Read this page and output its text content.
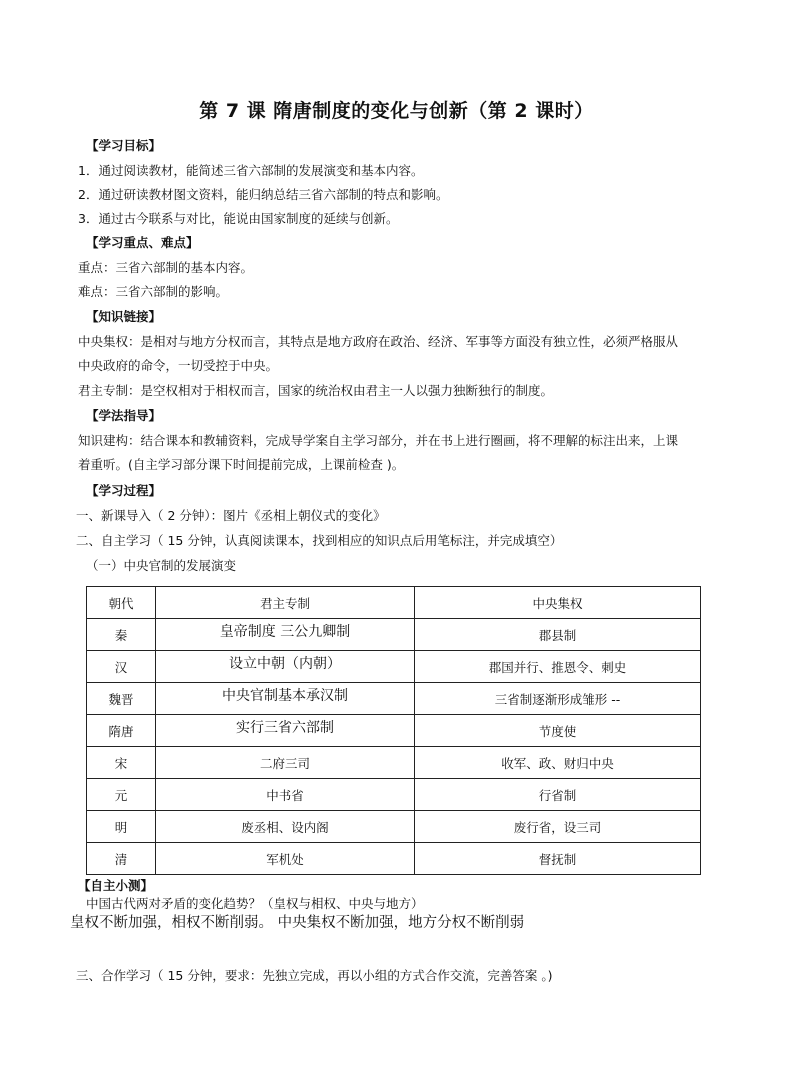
第 7 课 隋唐制度的变化与创新（第 2 课时）
【学习目标】
1．通过阅读教材，能简述三省六部制的发展演变和基本内容。
2．通过研读教材图文资料，能归纳总结三省六部制的特点和影响。
3．通过古今联系与对比，能说由国家制度的延续与创新。
【学习重点、难点】
重点：三省六部制的基本内容。
难点：三省六部制的影响。
【知识链接】
中央集权：是相对与地方分权而言，其特点是地方政府在政治、经济、军事等方面没有独立性，必须严格服从
中央政府的命令，一切受控于中央。
君主专制：是空权相对于相权而言，国家的统治权由君主一人以强力独断独行的制度。
【学法指导】
知识建构：结合课本和教辅资料，完成导学案自主学习部分，并在书上进行圈画，将不理解的标注出来，上课
着重听。(自主学习部分课下时间提前完成，上课前检查 )。
【学习过程】
一、新课导入（ 2 分钟）：图片《丞相上朝仪式的变化》
二、自主学习（ 15 分钟，认真阅读课本，找到相应的知识点后用笔标注，并完成填空）
（一）中央官制的发展演变
朝代	君主专制	中央集权
秦	皇帝制度 三公九卿制	郡县制
汉	设立中朝（内朝）	郡国并行、推恩令、刺史
魏晋	中央官制基本承汉制	三省制逐渐形成雏形 --
隋唐	实行三省六部制	节度使
宋	二府三司	收军、政、财归中央
元	中书省	行省制
明	废丞相、设内阁	废行省，设三司
清	军机处	督抚制
【自主小测】
中国古代两对矛盾的变化趋势？（皇权与相权、中央与地方）
皇权不断加强，相权不断削弱。 中央集权不断加强，地方分权不断削弱
三、合作学习（ 15 分钟，要求：先独立完成，再以小组的方式合作交流，完善答案 。)
